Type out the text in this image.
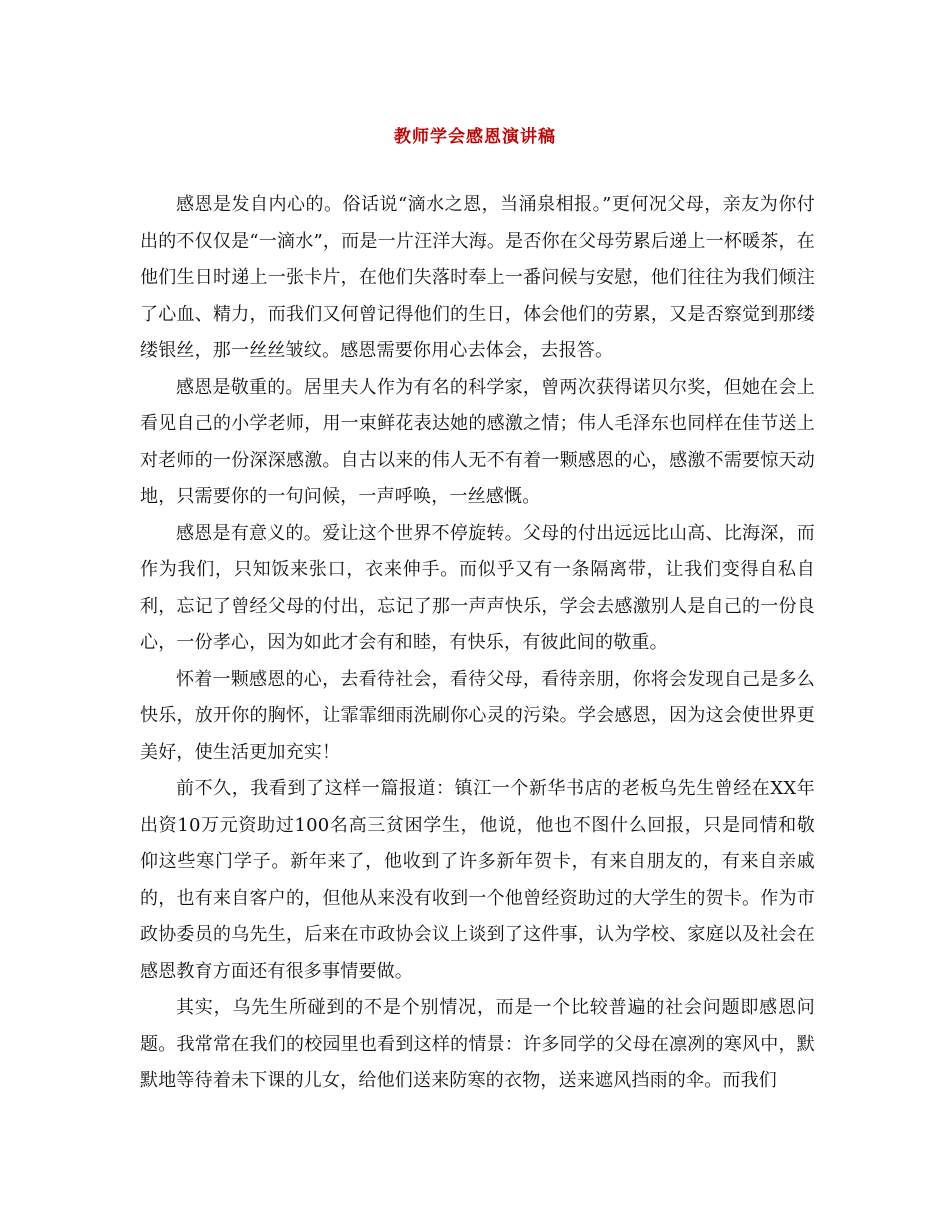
教师学会感恩演讲稿

感恩是发自内心的。俗话说“滴水之恩，当涌泉相报。”更何况父母，亲友为你付出的不仅仅是“一滴水”，而是一片汪洋大海。是否你在父母劳累后递上一杯暖茶，在他们生日时递上一张卡片，在他们失落时奉上一番问候与安慰，他们往往为我们倾注了心血、精力，而我们又何曾记得他们的生日，体会他们的劳累，又是否察觉到那缕缕银丝，那一丝丝皱纹。感恩需要你用心去体会，去报答。

感恩是敬重的。居里夫人作为有名的科学家，曾两次获得诺贝尔奖，但她在会上看见自己的小学老师，用一束鲜花表达她的感激之情；伟人毛泽东也同样在佳节送上对老师的一份深深感激。自古以来的伟人无不有着一颗感恩的心，感激不需要惊天动地，只需要你的一句问候，一声呼唤，一丝感慨。

感恩是有意义的。爱让这个世界不停旋转。父母的付出远远比山高、比海深，而作为我们，只知饭来张口，衣来伸手。而似乎又有一条隔离带，让我们变得自私自利，忘记了曾经父母的付出，忘记了那一声声快乐，学会去感激别人是自己的一份良心，一份孝心，因为如此才会有和睦，有快乐，有彼此间的敬重。

怀着一颗感恩的心，去看待社会，看待父母，看待亲朋，你将会发现自己是多么快乐，放开你的胸怀，让霏霏细雨洗刷你心灵的污染。学会感恩，因为这会使世界更美好，使生活更加充实！

前不久，我看到了这样一篇报道：镇江一个新华书店的老板乌先生曾经在XX年出资10万元资助过100名高三贫困学生，他说，他也不图什么回报，只是同情和敬仰这些寒门学子。新年来了，他收到了许多新年贺卡，有来自朋友的，有来自亲戚的，也有来自客户的，但他从来没有收到一个他曾经资助过的大学生的贺卡。作为市政协委员的乌先生，后来在市政协会议上谈到了这件事，认为学校、家庭以及社会在感恩教育方面还有很多事情要做。

其实，乌先生所碰到的不是个别情况，而是一个比较普遍的社会问题即感恩问题。我常常在我们的校园里也看到这样的情景：许多同学的父母在凛冽的寒风中，默默地等待着未下课的儿女，给他们送来防寒的衣物，送来遮风挡雨的伞。而我们
